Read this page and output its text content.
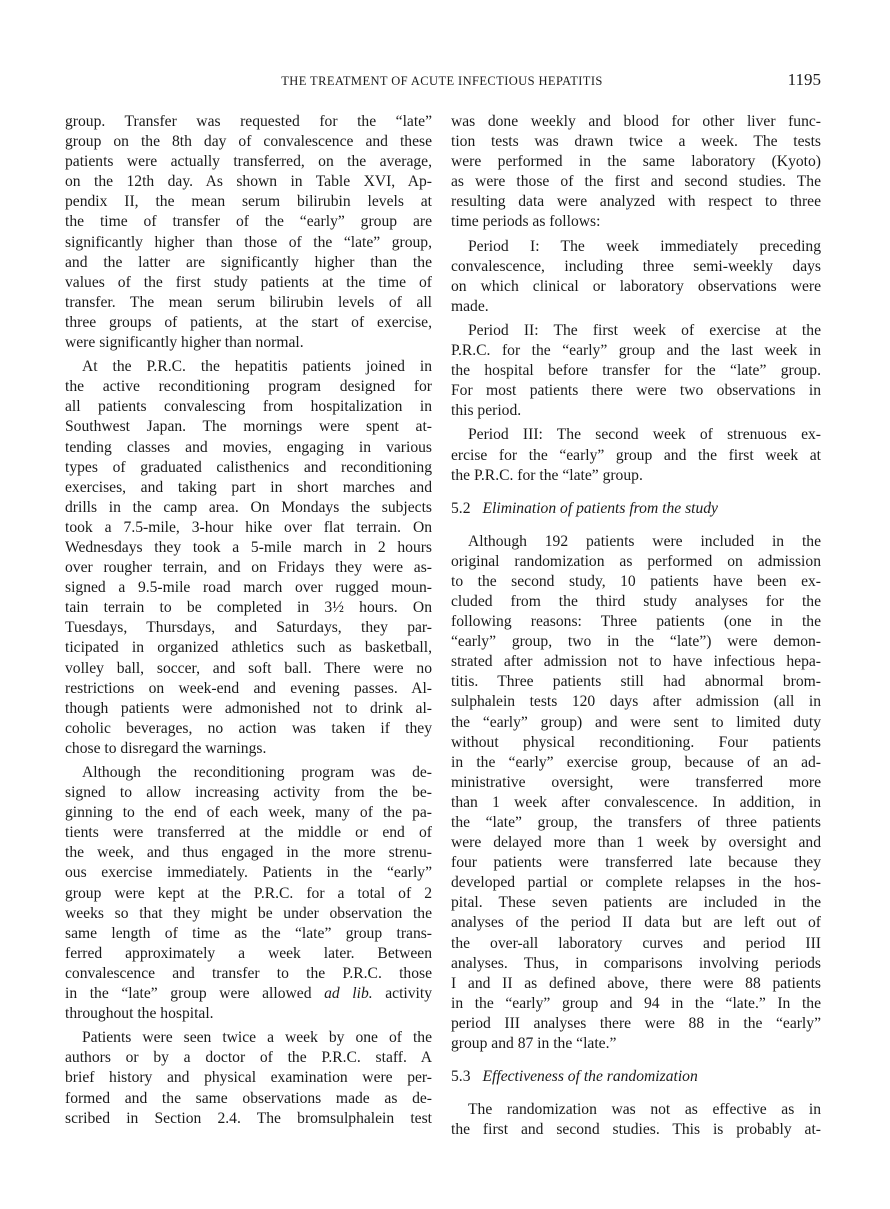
THE TREATMENT OF ACUTE INFECTIOUS HEPATITIS	1195
group. Transfer was requested for the “late”
group on the 8th day of convalescence and these
patients were actually transferred, on the average,
on the 12th day. As shown in Table XVI, Ap-
pendix II, the mean serum bilirubin levels at
the time of transfer of the “early” group are
significantly higher than those of the “late” group,
and the latter are significantly higher than the
values of the first study patients at the time of
transfer. The mean serum bilirubin levels of all
three groups of patients, at the start of exercise,
were significantly higher than normal.
At the P.R.C. the hepatitis patients joined in
the active reconditioning program designed for
all patients convalescing from hospitalization in
Southwest Japan. The mornings were spent at-
tending classes and movies, engaging in various
types of graduated calisthenics and reconditioning
exercises, and taking part in short marches and
drills in the camp area. On Mondays the subjects
took a 7.5-mile, 3-hour hike over flat terrain. On
Wednesdays they took a 5-mile march in 2 hours
over rougher terrain, and on Fridays they were as-
signed a 9.5-mile road march over rugged moun-
tain terrain to be completed in 3½ hours. On
Tuesdays, Thursdays, and Saturdays, they par-
ticipated in organized athletics such as basketball,
volley ball, soccer, and soft ball. There were no
restrictions on week-end and evening passes. Al-
though patients were admonished not to drink al-
coholic beverages, no action was taken if they
chose to disregard the warnings.
Although the reconditioning program was de-
signed to allow increasing activity from the be-
ginning to the end of each week, many of the pa-
tients were transferred at the middle or end of
the week, and thus engaged in the more strenu-
ous exercise immediately. Patients in the “early”
group were kept at the P.R.C. for a total of 2
weeks so that they might be under observation the
same length of time as the “late” group trans-
ferred approximately a week later. Between
convalescence and transfer to the P.R.C. those
in the “late” group were allowed ad lib. activity
throughout the hospital.
Patients were seen twice a week by one of the
authors or by a doctor of the P.R.C. staff. A
brief history and physical examination were per-
formed and the same observations made as de-
scribed in Section 2.4. The bromsulphalein test
was done weekly and blood for other liver func-
tion tests was drawn twice a week. The tests
were performed in the same laboratory (Kyoto)
as were those of the first and second studies. The
resulting data were analyzed with respect to three
time periods as follows:
Period I: The week immediately preceding
convalescence, including three semi-weekly days
on which clinical or laboratory observations were
made.
Period II: The first week of exercise at the
P.R.C. for the “early” group and the last week in
the hospital before transfer for the “late” group.
For most patients there were two observations in
this period.
Period III: The second week of strenuous ex-
ercise for the “early” group and the first week at
the P.R.C. for the “late” group.
5.2 Elimination of patients from the study
Although 192 patients were included in the
original randomization as performed on admission
to the second study, 10 patients have been ex-
cluded from the third study analyses for the
following reasons: Three patients (one in the
“early” group, two in the “late”) were demon-
strated after admission not to have infectious hepa-
titis. Three patients still had abnormal brom-
sulphalein tests 120 days after admission (all in
the “early” group) and were sent to limited duty
without physical reconditioning. Four patients
in the “early” exercise group, because of an ad-
ministrative oversight, were transferred more
than 1 week after convalescence. In addition, in
the “late” group, the transfers of three patients
were delayed more than 1 week by oversight and
four patients were transferred late because they
developed partial or complete relapses in the hos-
pital. These seven patients are included in the
analyses of the period II data but are left out of
the over-all laboratory curves and period III
analyses. Thus, in comparisons involving periods
I and II as defined above, there were 88 patients
in the “early” group and 94 in the “late.” In the
period III analyses there were 88 in the “early”
group and 87 in the “late.”
5.3 Effectiveness of the randomization
The randomization was not as effective as in
the first and second studies. This is probably at-
